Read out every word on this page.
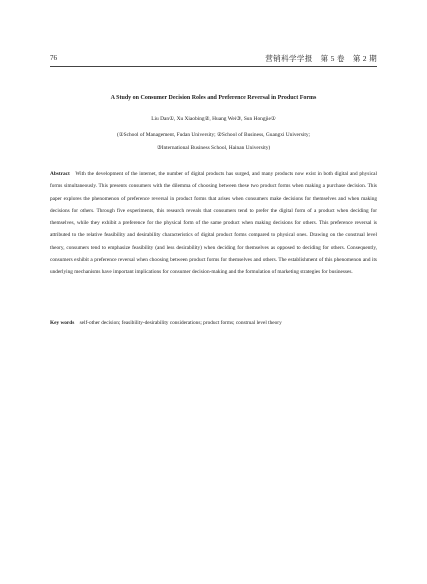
76	营销科学学报　第 5 卷　第 2 期
A Study on Consumer Decision Roles and Preference Reversal in Product Forms
Liu Dan①, Xu Xiaobing②, Huang Wei③, Sun Hongjie①
(①School of Management, Fudan University; ②School of Business, Guangxi University;
③International Business School, Hainan University)
Abstract With the development of the internet, the number of digital products has surged, and many products now exist in both digital and physical forms simultaneously. This presents consumers with the dilemma of choosing between these two product forms when making a purchase decision. This paper explores the phenomenon of preference reversal in product forms that arises when consumers make decisions for themselves and when making decisions for others. Through five experiments, this research reveals that consumers tend to prefer the digital form of a product when deciding for themselves, while they exhibit a preference for the physical form of the same product when making decisions for others. This preference reversal is attributed to the relative feasibility and desirability characteristics of digital product forms compared to physical ones. Drawing on the construal level theory, consumers tend to emphasize feasibility (and less desirability) when deciding for themselves as opposed to deciding for others. Consequently, consumers exhibit a preference reversal when choosing between product forms for themselves and others. The establishment of this phenomenon and its underlying mechanisms have important implications for consumer decision-making and the formulation of marketing strategies for businesses.
Key words self-other decision; feasibility-desirability considerations; product forms; construal level theory
